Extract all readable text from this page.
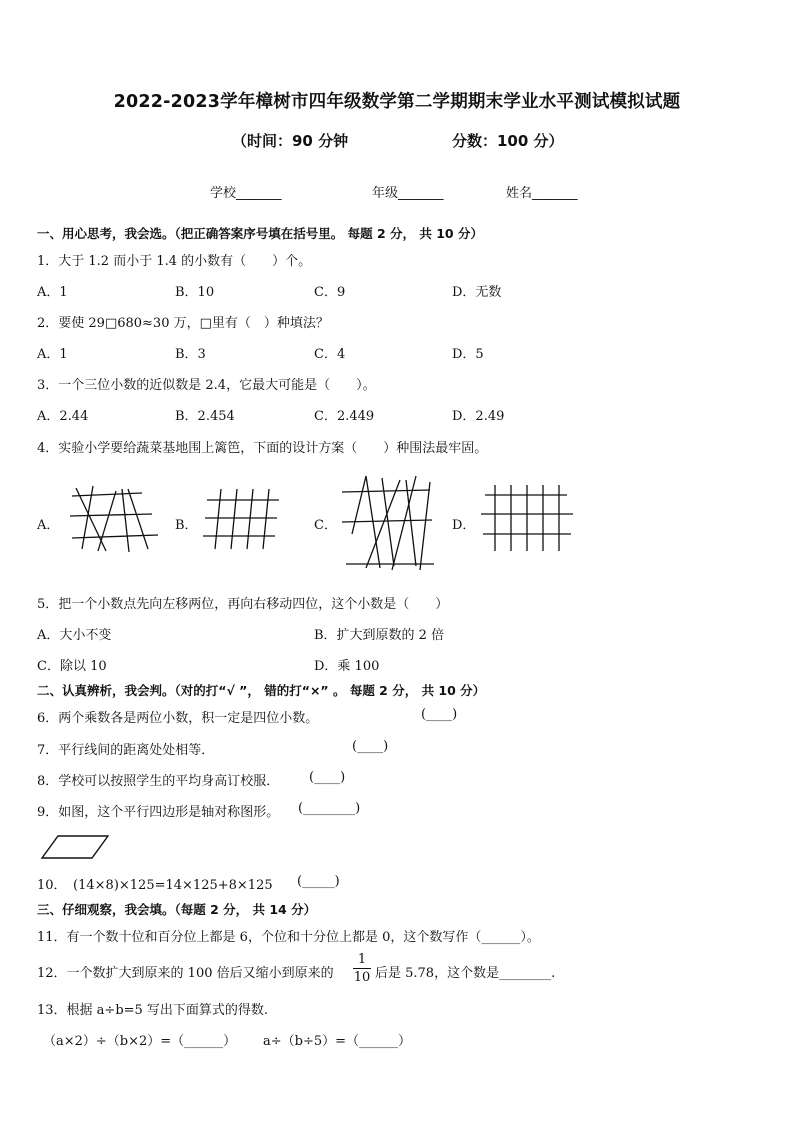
2022-2023学年樟树市四年级数学第二学期期末学业水平测试模拟试题
（时间：90 分钟	分数：100 分）
学校_______	年级_______	姓名_______
一、用心思考，我会选。（把正确答案序号填在括号里。 每题 2 分， 共 10 分）
1．大于 1.2 而小于 1.4 的小数有（　　）个。
A．1	B．10	C．9	D．无数
2．要使 29□680≈30 万，□里有（　）种填法？
A．1	B．3	C．4	D．5
3．一个三位小数的近似数是 2.4，它最大可能是（　　）。
A．2.44	B．2.454	C．2.449	D．2.49
4．实验小学要给蔬菜基地围上篱笆，下面的设计方案（　　）种围法最牢固。
A．	B．	C．	D．
5．把一个小数点先向左移两位，再向右移动四位，这个小数是（　　）
A．大小不变	B．扩大到原数的 2 倍
C．除以 10	D．乘 100
二、认真辨析，我会判。（对的打“√ ”， 错的打“×” 。 每题 2 分， 共 10 分）
6．两个乘数各是两位小数，积一定是四位小数。	(____)
7．平行线间的距离处处相等．	(____)
8．学校可以按照学生的平均身高订校服． (____)
9．如图，这个平行四边形是轴对称图形。 (________)
10．　(14×8)×125=14×125+8×125 (_____)
三、仔细观察，我会填。（每题 2 分， 共 14 分）
11．有一个数十位和百分位上都是 6，个位和十分位上都是 0，这个数写作（______）。
12．一个数扩大到原来的 100 倍后又缩小到原来的
1
10 后是 5.78，这个数是________.
13．根据 a÷b=5 写出下面算式的得数.
（a×2）÷（b×2）=（______） a÷（b÷5）=（______）
